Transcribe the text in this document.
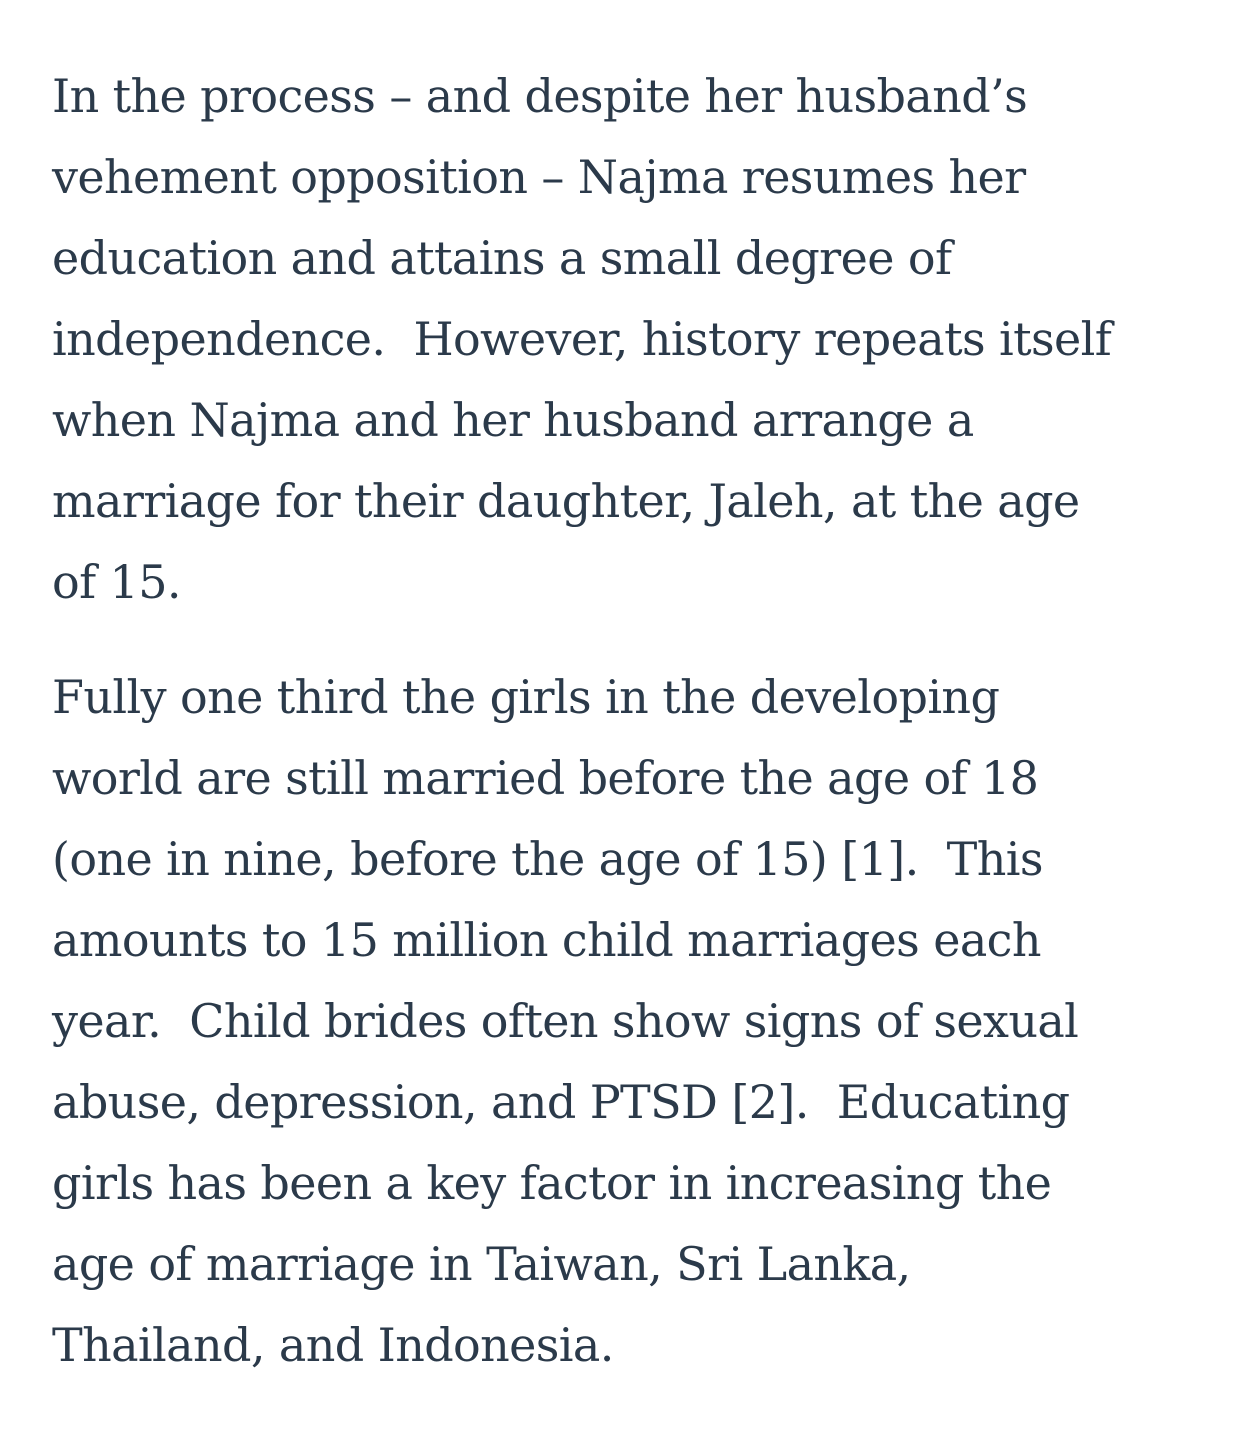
In the process – and despite her husband’s
vehement opposition – Najma resumes her
education and attains a small degree of
independence.  However, history repeats itself
when Najma and her husband arrange a
marriage for their daughter, Jaleh, at the age
of 15.

Fully one third the girls in the developing
world are still married before the age of 18
(one in nine, before the age of 15) [1].  This
amounts to 15 million child marriages each
year.  Child brides often show signs of sexual
abuse, depression, and PTSD [2].  Educating
girls has been a key factor in increasing the
age of marriage in Taiwan, Sri Lanka,
Thailand, and Indonesia.
